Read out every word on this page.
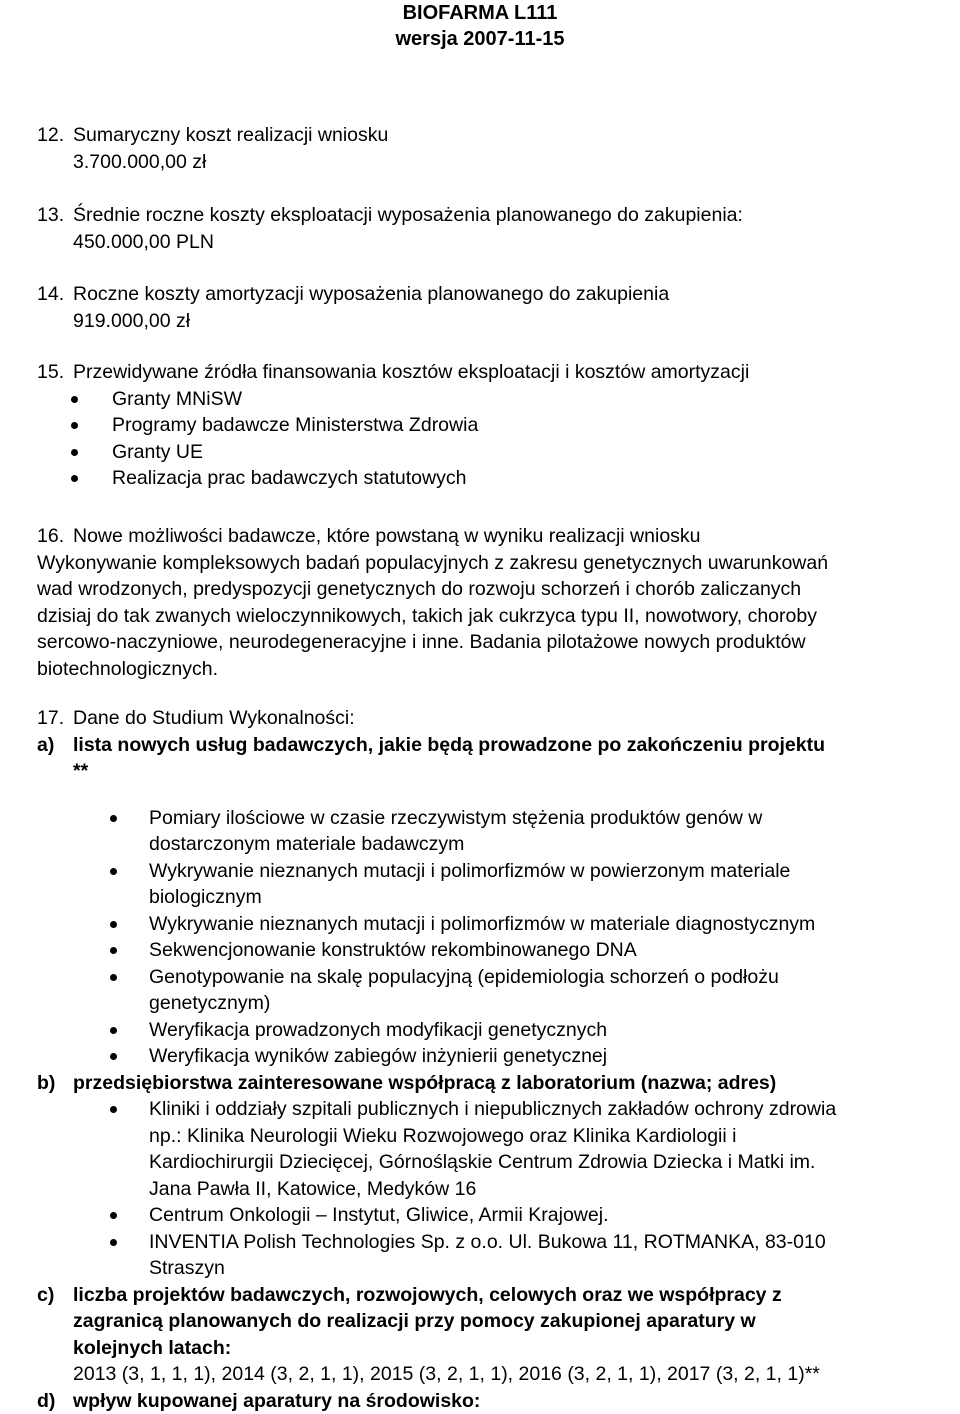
BIOFARMA L111
wersja 2007-11-15
12. Sumaryczny koszt realizacji wniosku
3.700.000,00 zł
13. Średnie roczne koszty eksploatacji wyposażenia planowanego do zakupienia:
450.000,00 PLN
14. Roczne koszty amortyzacji wyposażenia planowanego do zakupienia
919.000,00 zł
15. Przewidywane źródła finansowania kosztów eksploatacji i kosztów amortyzacji
Granty MNiSW
Programy badawcze Ministerstwa Zdrowia
Granty UE
Realizacja prac badawczych statutowych
16. Nowe możliwości badawcze, które powstaną w wyniku realizacji wniosku
Wykonywanie kompleksowych badań populacyjnych z zakresu genetycznych uwarunkowań
wad wrodzonych, predyspozycji genetycznych do rozwoju schorzeń i chorób zaliczanych
dzisiaj do tak zwanych wieloczynnikowych, takich jak cukrzyca typu II, nowotwory, choroby
sercowo-naczyniowe, neurodegeneracyjne i inne. Badania pilotażowe nowych produktów
biotechnologicznych.
17. Dane do Studium Wykonalności:
a) lista nowych usług badawczych, jakie będą prowadzone po zakończeniu projektu
**
Pomiary ilościowe w czasie rzeczywistym stężenia produktów genów w
dostarczonym materiale badawczym
Wykrywanie nieznanych mutacji i polimorfizmów w powierzonym materiale
biologicznym
Wykrywanie nieznanych mutacji i polimorfizmów w materiale diagnostycznym
Sekwencjonowanie konstruktów rekombinowanego DNA
Genotypowanie na skalę populacyjną (epidemiologia schorzeń o podłożu
genetycznym)
Weryfikacja prowadzonych modyfikacji genetycznych
Weryfikacja wyników zabiegów inżynierii genetycznej
b) przedsiębiorstwa zainteresowane współpracą z laboratorium (nazwa; adres)
Kliniki i oddziały szpitali publicznych i niepublicznych zakładów ochrony zdrowia
np.: Klinika Neurologii Wieku Rozwojowego oraz Klinika Kardiologii i
Kardiochirurgii Dziecięcej, Górnośląskie Centrum Zdrowia Dziecka i Matki im.
Jana Pawła II, Katowice, Medyków 16
Centrum Onkologii – Instytut, Gliwice, Armii Krajowej.
INVENTIA Polish Technologies Sp. z o.o. Ul. Bukowa 11, ROTMANKA, 83-010
Straszyn
c) liczba projektów badawczych, rozwojowych, celowych oraz we współpracy z
zagranicą planowanych do realizacji przy pomocy zakupionej aparatury w
kolejnych latach:
2013 (3, 1, 1, 1), 2014 (3, 2, 1, 1), 2015 (3, 2, 1, 1), 2016 (3, 2, 1, 1), 2017 (3, 2, 1, 1)**
d) wpływ kupowanej aparatury na środowisko:
